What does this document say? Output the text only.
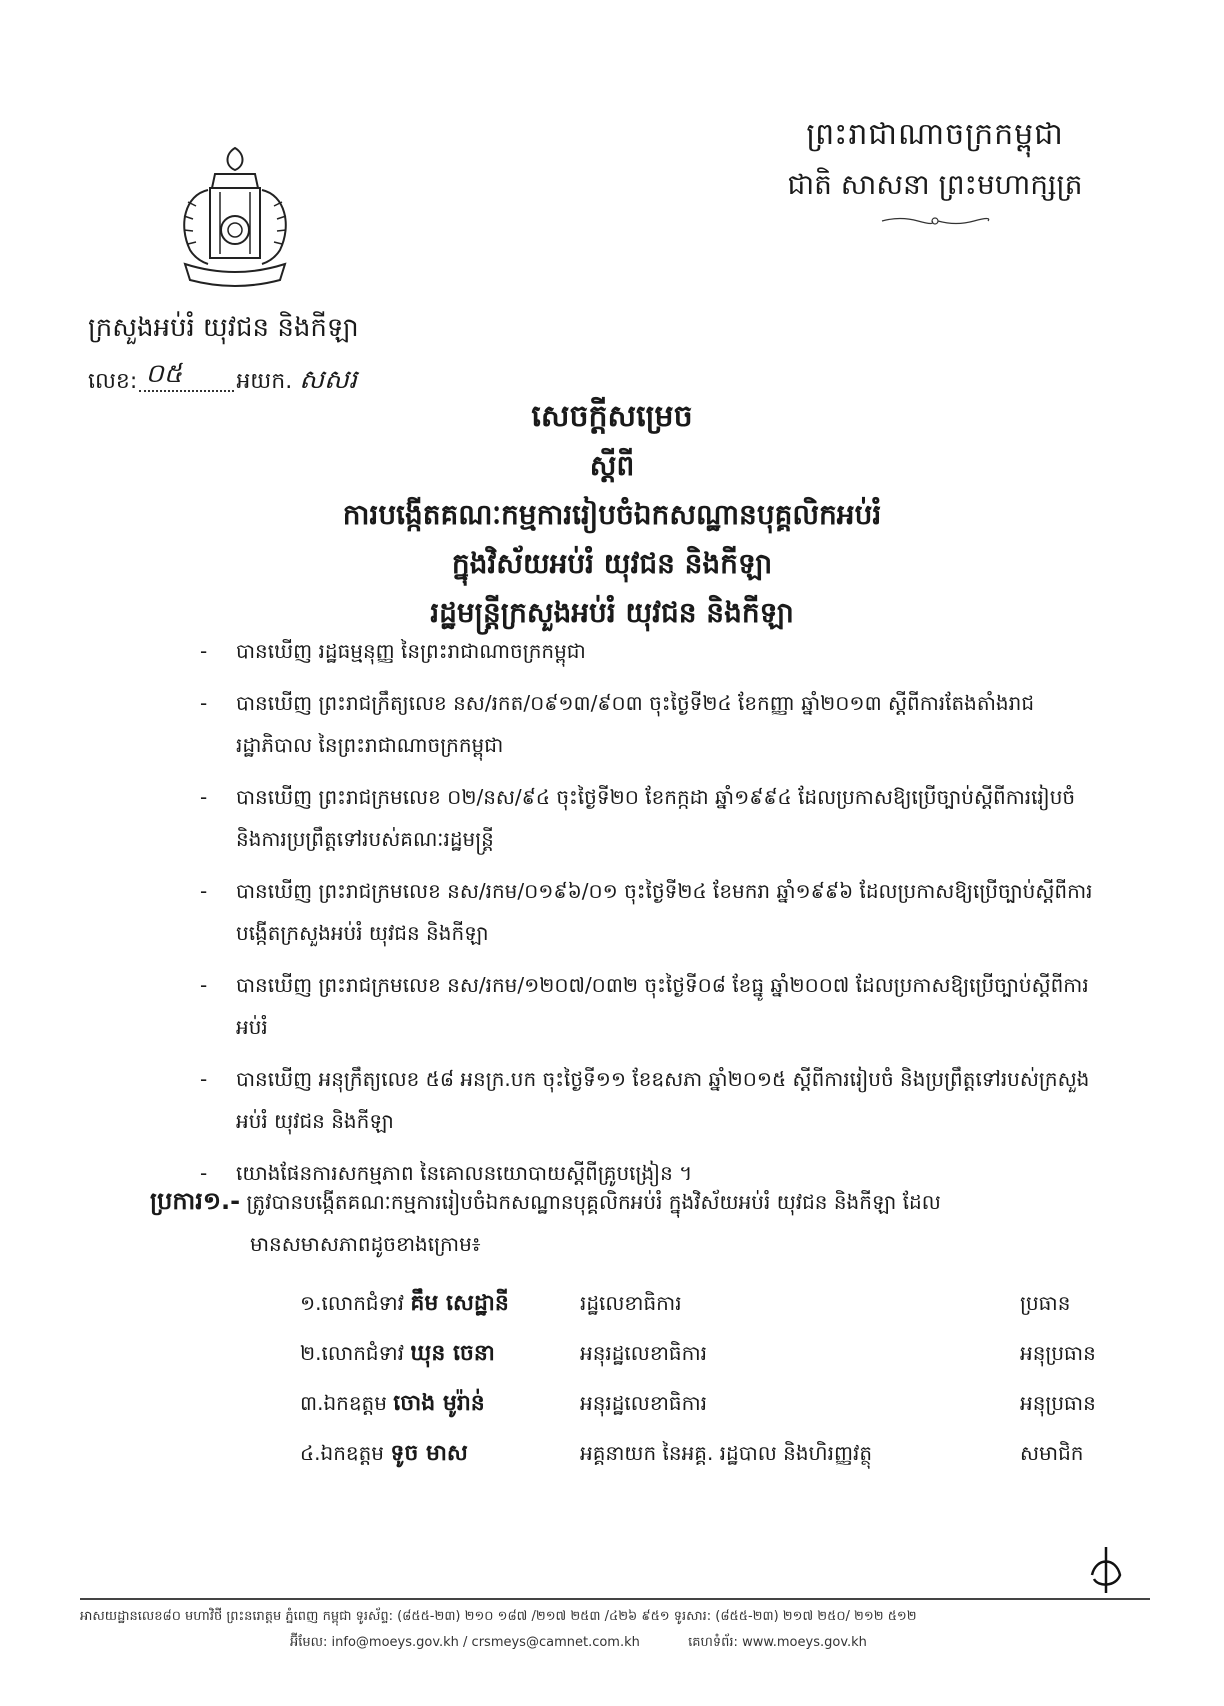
ព្រះរាជាណាចក្រកម្ពុជា
ជាតិ សាសនា ព្រះមហាក្សត្រ
ក្រសួងអប់រំ យុវជន និងកីឡា
លេខ: ០៥ អយក. សសរ
សេចក្តីសម្រេច
ស្តីពី
ការបង្កើតគណៈកម្មការរៀបចំឯកសណ្ឋានបុគ្គលិកអប់រំ
ក្នុងវិស័យអប់រំ យុវជន និងកីឡា
រដ្ឋមន្ត្រីក្រសួងអប់រំ យុវជន និងកីឡា
- បានឃើញ រដ្ឋធម្មនុញ្ញ នៃព្រះរាជាណាចក្រកម្ពុជា
- បានឃើញ ព្រះរាជក្រឹត្យលេខ នស/រកត/០៩១៣/៩០៣ ចុះថ្ងៃទី២៤ ខែកញ្ញា ឆ្នាំ២០១៣ ស្តីពីការតែងតាំងរាជរដ្ឋាភិបាល នៃព្រះរាជាណាចក្រកម្ពុជា
- បានឃើញ ព្រះរាជក្រមលេខ ០២/នស/៩៤ ចុះថ្ងៃទី២០ ខែកក្កដា ឆ្នាំ១៩៩៤ ដែលប្រកាសឱ្យប្រើច្បាប់ស្តីពីការរៀបចំ និងការប្រព្រឹត្តទៅរបស់គណៈរដ្ឋមន្ត្រី
- បានឃើញ ព្រះរាជក្រមលេខ នស/រកម/០១៩៦/០១ ចុះថ្ងៃទី២៤ ខែមករា ឆ្នាំ១៩៩៦ ដែលប្រកាសឱ្យប្រើច្បាប់ស្តីពីការបង្កើតក្រសួងអប់រំ យុវជន និងកីឡា
- បានឃើញ ព្រះរាជក្រមលេខ នស/រកម/១២០៧/០៣២ ចុះថ្ងៃទី០៨ ខែធ្នូ ឆ្នាំ២០០៧ ដែលប្រកាសឱ្យប្រើច្បាប់ស្តីពីការអប់រំ
- បានឃើញ អនុក្រឹត្យលេខ ៥៨ អនក្រ.បក ចុះថ្ងៃទី១១ ខែឧសភា ឆ្នាំ២០១៥ ស្តីពីការរៀបចំ និងប្រព្រឹត្តទៅរបស់ក្រសួងអប់រំ យុវជន និងកីឡា
- យោងផែនការសកម្មភាព នៃគោលនយោបាយស្តីពីគ្រូបង្រៀន ។
ប្រការ១.- ត្រូវបានបង្កើតគណៈកម្មការរៀបចំឯកសណ្ឋានបុគ្គលិកអប់រំ ក្នុងវិស័យអប់រំ យុវជន និងកីឡា ដែល
មានសមាសភាពដូចខាងក្រោម៖
១.លោកជំទាវ គឹម សេដ្ឋានី	រដ្ឋលេខាធិការ	ប្រធាន
២.លោកជំទាវ ឃុន ចេនា	អនុរដ្ឋលេខាធិការ	អនុប្រធាន
៣.ឯកឧត្តម ចោង មូរ៉ាន់	អនុរដ្ឋលេខាធិការ	អនុប្រធាន
៤.ឯកឧត្តម ទូច មាស	អគ្គនាយក នៃអគ្គ. រដ្ឋបាល និងហិរញ្ញវត្ថុ	សមាជិក
អាសយដ្ឋានលេខ៨០ មហាវិថី ព្រះនរោត្តម ភ្នំពេញ កម្ពុជា ទូរស័ព្ទ: (៨៥៥-២៣) ២១០ ១៨៧ /២១៧ ២៥៣ /៤២៦ ៩៥១ ទូរសារ: (៨៥៥-២៣) ២១៧ ២៥០/ ២១២ ៥១២
អ៊ីមែល: info@moeys.gov.kh / crsmeys@camnet.com.kh	គេហទំព័រ: www.moeys.gov.kh
